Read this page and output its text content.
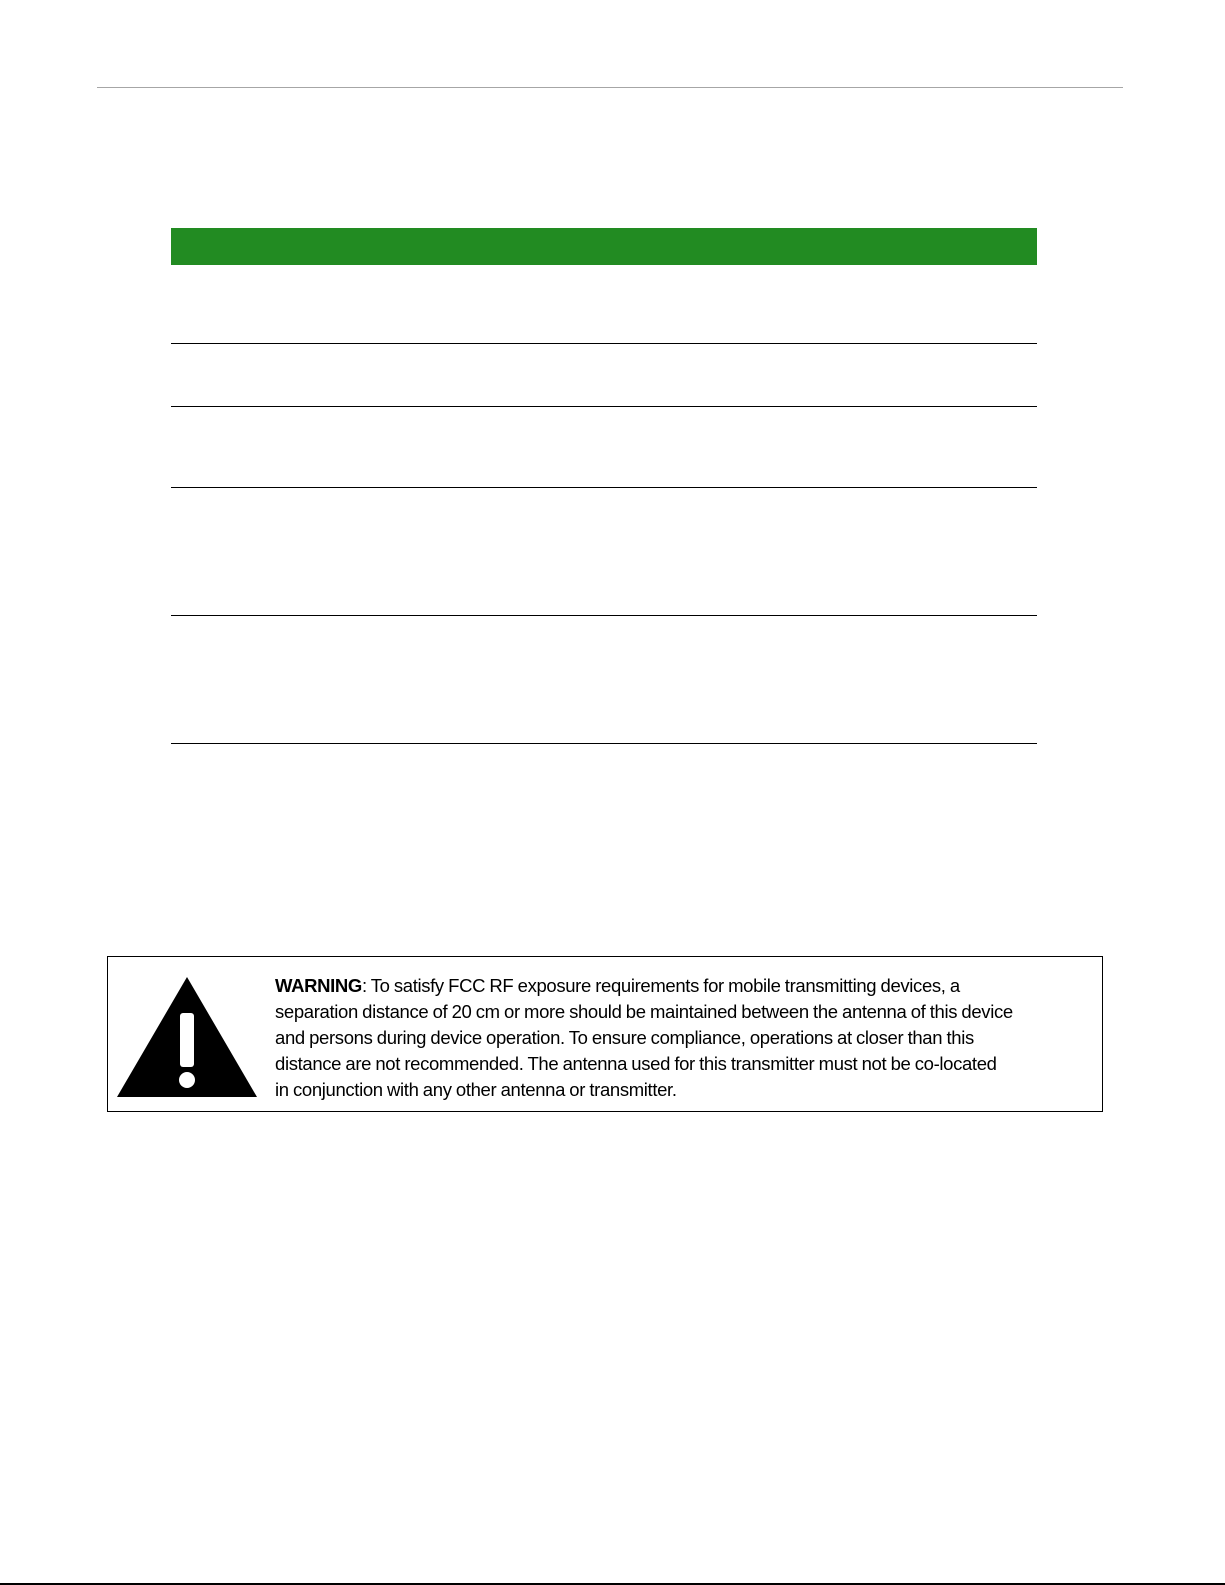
WARNING: To satisfy FCC RF exposure requirements for mobile transmitting devices, a
separation distance of 20 cm or more should be maintained between the antenna of this device
and persons during device operation. To ensure compliance, operations at closer than this
distance are not recommended. The antenna used for this transmitter must not be co-located
in conjunction with any other antenna or transmitter.
